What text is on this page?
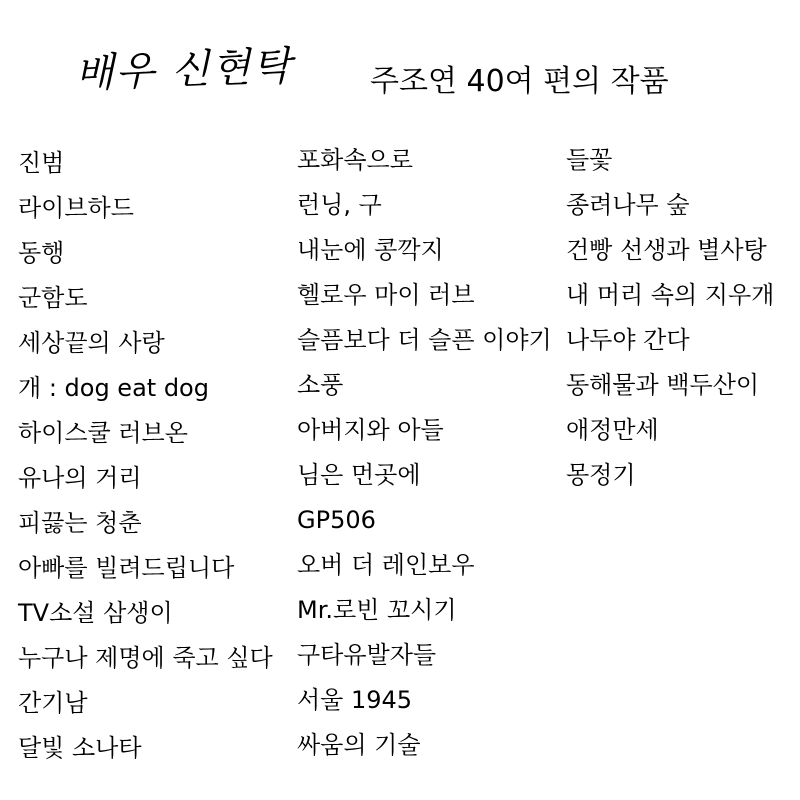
배우 신현탁	주조연 40여 편의 작품
진범
라이브하드
동행
군함도
세상끝의 사랑
개 : dog eat dog
하이스쿨 러브온
유나의 거리
피끓는 청춘
아빠를 빌려드립니다
TV소설 삼생이
누구나 제명에 죽고 싶다
간기남
달빛 소나타
포화속으로
런닝, 구
내눈에 콩깍지
헬로우 마이 러브
슬픔보다 더 슬픈 이야기
소풍
아버지와 아들
님은 먼곳에
GP506
오버 더 레인보우
Mr.로빈 꼬시기
구타유발자들
서울 1945
싸움의 기술
들꽃
종려나무 숲
건빵 선생과 별사탕
내 머리 속의 지우개
나두야 간다
동해물과 백두산이
애정만세
몽정기
